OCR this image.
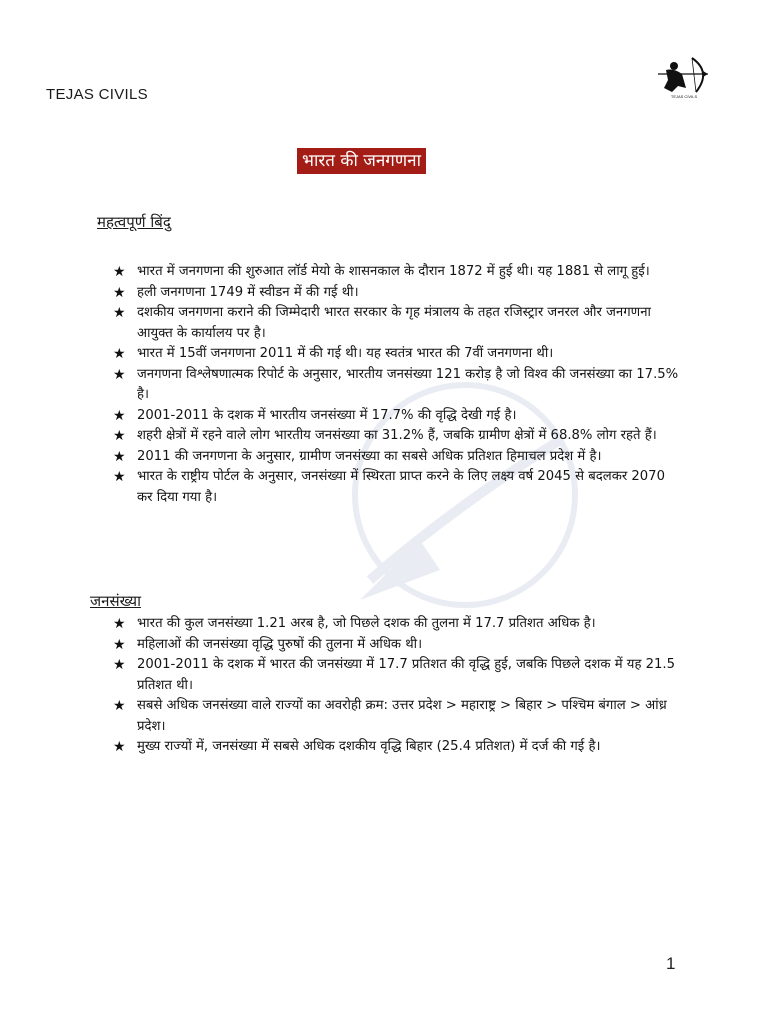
TEJAS CIVILS	TEJAS CIVILS
भारत की जनगणना
महत्वपूर्ण बिंदु
★ भारत में जनगणना की शुरुआत लॉर्ड मेयो के शासनकाल के दौरान 1872 में हुई थी। यह 1881 से लागू हुई।
★ हली जनगणना 1749 में स्वीडन में की गई थी।
★ दशकीय जनगणना कराने की जिम्मेदारी भारत सरकार के गृह मंत्रालय के तहत रजिस्ट्रार जनरल और जनगणना आयुक्त के कार्यालय पर है।
★ भारत में 15वीं जनगणना 2011 में की गई थी। यह स्वतंत्र भारत की 7वीं जनगणना थी।
★ जनगणना विश्लेषणात्मक रिपोर्ट के अनुसार, भारतीय जनसंख्या 121 करोड़ है जो विश्व की जनसंख्या का 17.5% है।
★ 2001-2011 के दशक में भारतीय जनसंख्या में 17.7% की वृद्धि देखी गई है।
★ शहरी क्षेत्रों में रहने वाले लोग भारतीय जनसंख्या का 31.2% हैं, जबकि ग्रामीण क्षेत्रों में 68.8% लोग रहते हैं।
★ 2011 की जनगणना के अनुसार, ग्रामीण जनसंख्या का सबसे अधिक प्रतिशत हिमाचल प्रदेश में है।
★ भारत के राष्ट्रीय पोर्टल के अनुसार, जनसंख्या में स्थिरता प्राप्त करने के लिए लक्ष्य वर्ष 2045 से बदलकर 2070 कर दिया गया है।
जनसंख्या
★ भारत की कुल जनसंख्या 1.21 अरब है, जो पिछले दशक की तुलना में 17.7 प्रतिशत अधिक है।
★ महिलाओं की जनसंख्या वृद्धि पुरुषों की तुलना में अधिक थी।
★ 2001-2011 के दशक में भारत की जनसंख्या में 17.7 प्रतिशत की वृद्धि हुई, जबकि पिछले दशक में यह 21.5 प्रतिशत थी।
★ सबसे अधिक जनसंख्या वाले राज्यों का अवरोही क्रम: उत्तर प्रदेश > महाराष्ट्र > बिहार > पश्चिम बंगाल > आंध्र प्रदेश।
★ मुख्य राज्यों में, जनसंख्या में सबसे अधिक दशकीय वृद्धि बिहार (25.4 प्रतिशत) में दर्ज की गई है।
1
